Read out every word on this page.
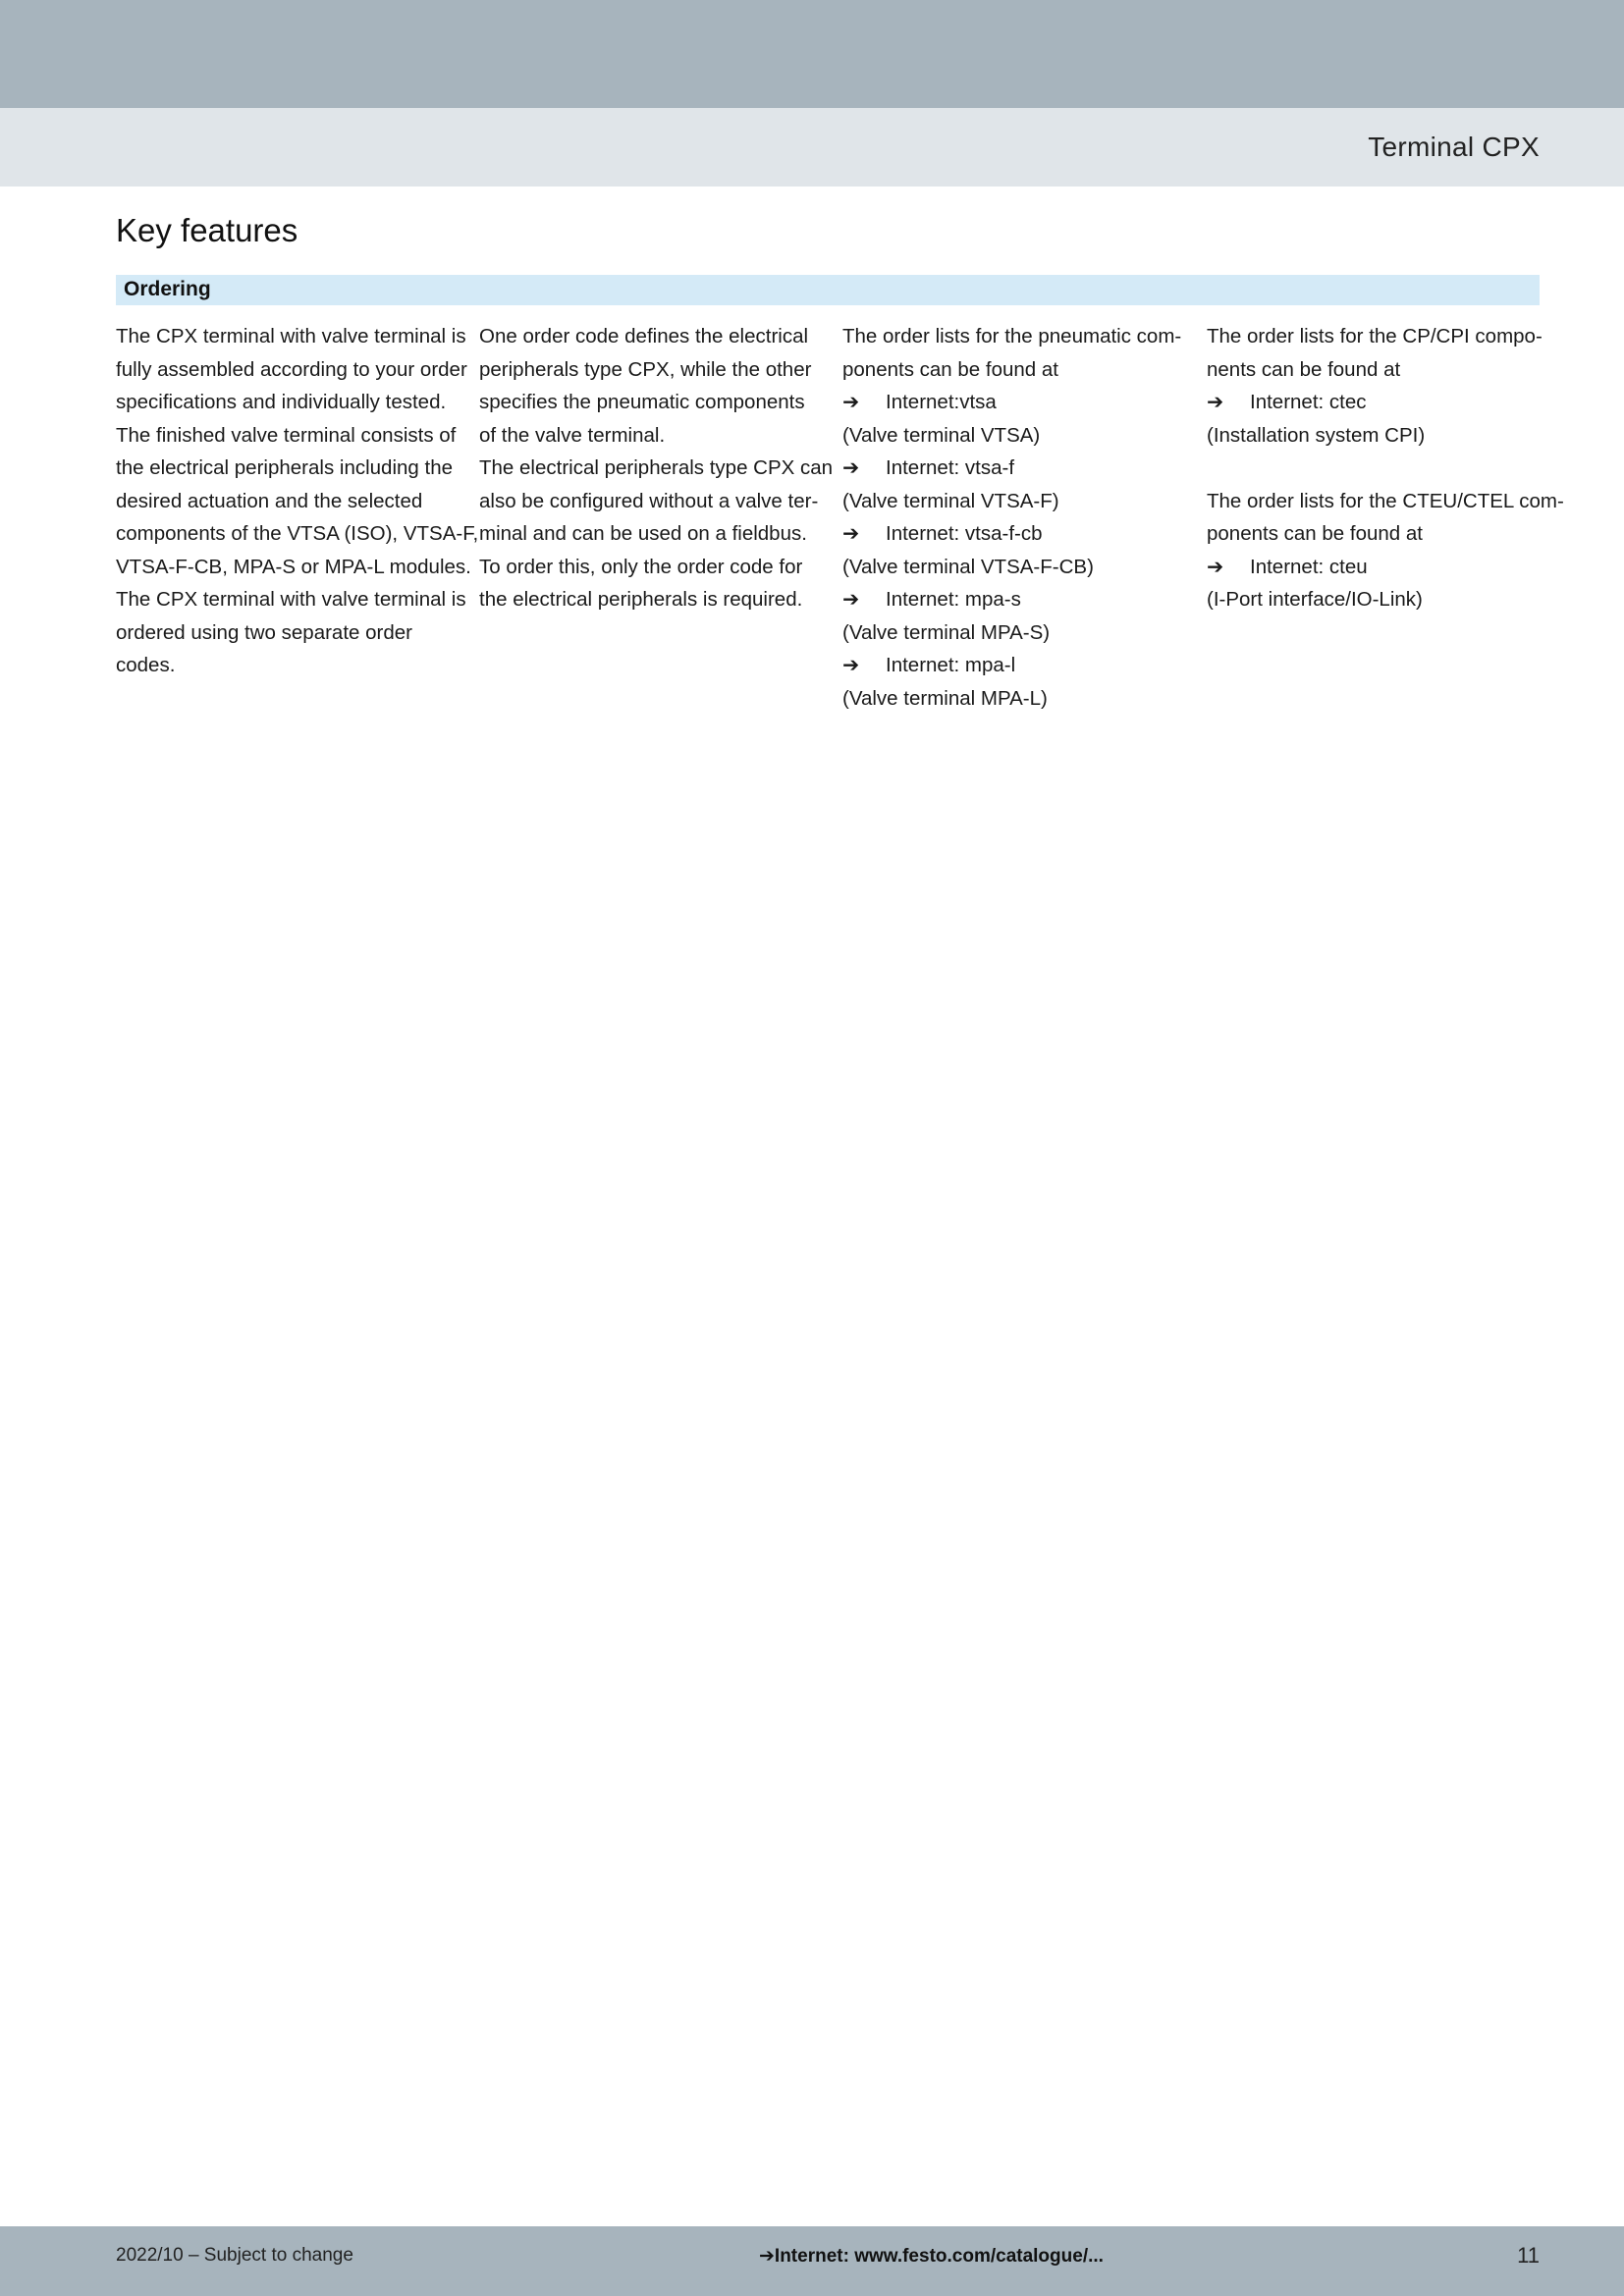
Terminal CPX
Key features
Ordering
The CPX terminal with valve terminal is
fully assembled according to your order
specifications and individually tested.
The finished valve terminal consists of
the electrical peripherals including the
desired actuation and the selected
components of the VTSA (ISO), VTSA-F,
VTSA-F-CB, MPA-S or MPA-L modules.
The CPX terminal with valve terminal is
ordered using two separate order
codes.
One order code defines the electrical
peripherals type CPX, while the other
specifies the pneumatic components
of the valve terminal.
The electrical peripherals type CPX can
also be configured without a valve ter-
minal and can be used on a fieldbus.
To order this, only the order code for
the electrical peripherals is required.
The order lists for the pneumatic com-
ponents can be found at
➔ Internet:vtsa
(Valve terminal VTSA)
➔ Internet: vtsa-f
(Valve terminal VTSA-F)
➔ Internet: vtsa-f-cb
(Valve terminal VTSA-F-CB)
➔ Internet: mpa-s
(Valve terminal MPA-S)
➔ Internet: mpa-l
(Valve terminal MPA-L)
The order lists for the CP/CPI compo-
nents can be found at
➔ Internet: ctec
(Installation system CPI)
The order lists for the CTEU/CTEL com-
ponents can be found at
➔ Internet: cteu
(I-Port interface/IO-Link)
2022/10 – Subject to change	➔Internet: www.festo.com/catalogue/...	11
